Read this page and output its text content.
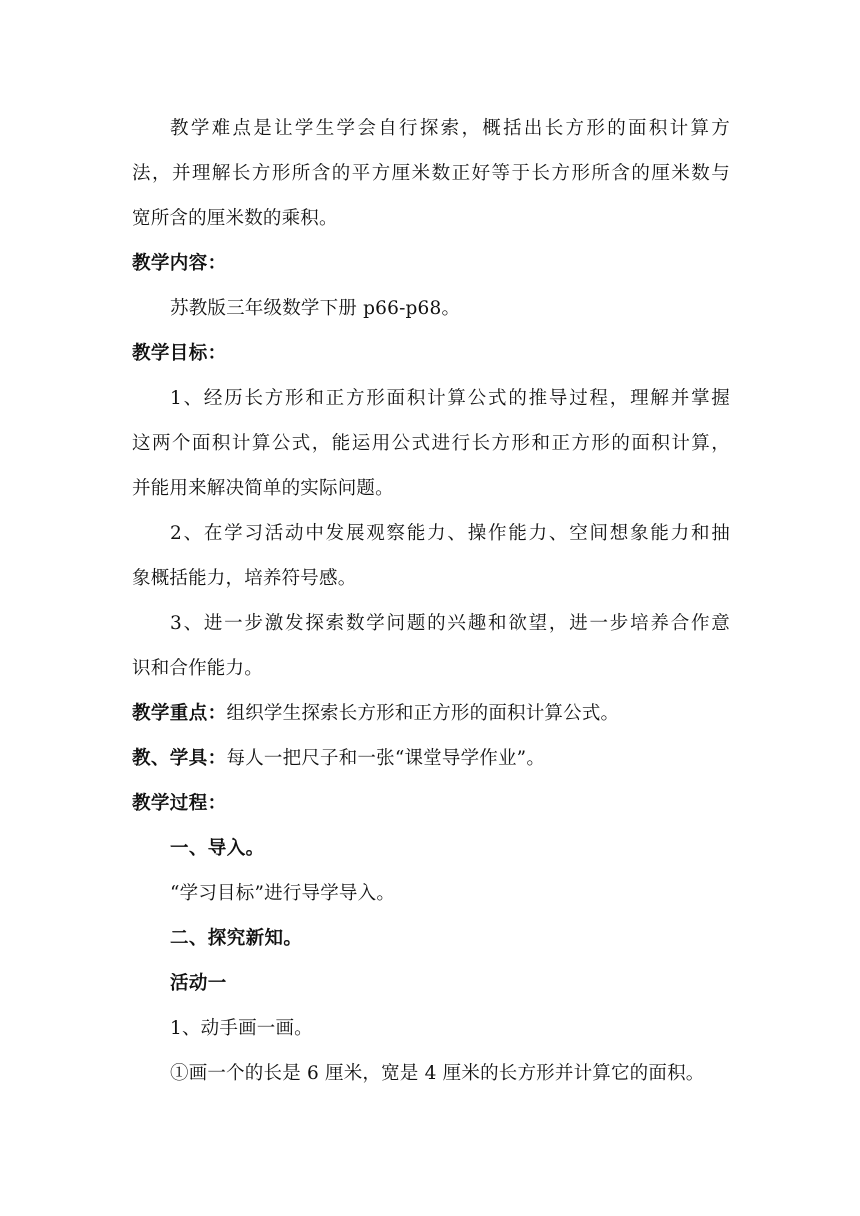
教学难点是让学生学会自行探索，概括出长方形的面积计算方
法，并理解长方形所含的平方厘米数正好等于长方形所含的厘米数与
宽所含的厘米数的乘积。
教学内容：
苏教版三年级数学下册 p66-p68。
教学目标：
1、经历长方形和正方形面积计算公式的推导过程，理解并掌握
这两个面积计算公式，能运用公式进行长方形和正方形的面积计算，
并能用来解决简单的实际问题。
2、在学习活动中发展观察能力、操作能力、空间想象能力和抽
象概括能力，培养符号感。
3、进一步激发探索数学问题的兴趣和欲望，进一步培养合作意
识和合作能力。
教学重点：组织学生探索长方形和正方形的面积计算公式。
教、学具：每人一把尺子和一张“课堂导学作业”。
教学过程：
一、导入。
“学习目标”进行导学导入。
二、探究新知。
活动一
1、动手画一画。
①画一个的长是 6 厘米，宽是 4 厘米的长方形并计算它的面积。
